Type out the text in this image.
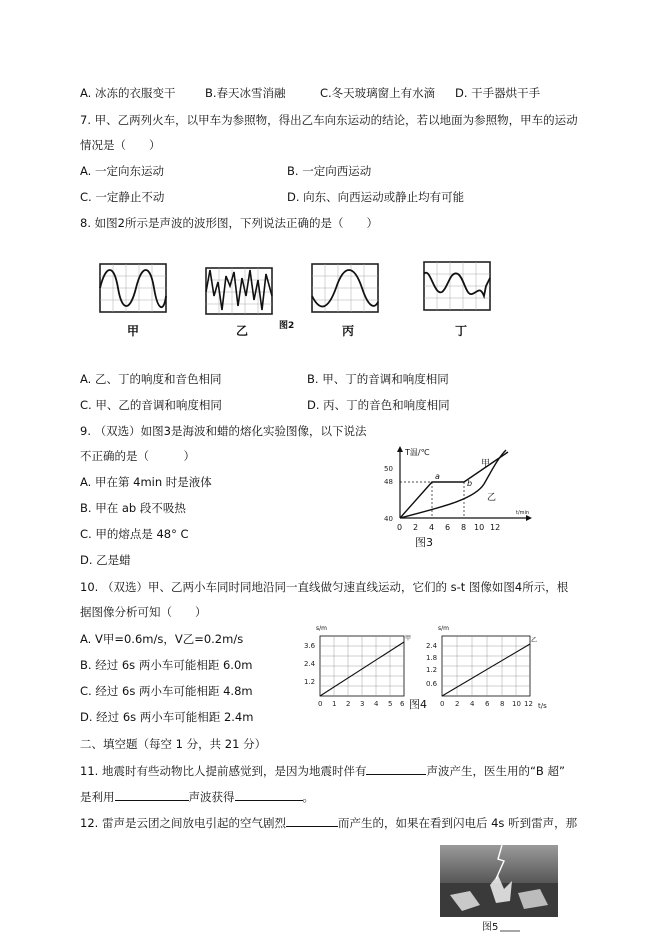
A. 冰冻的衣服变干	B.春天冰雪消融	C.冬天玻璃窗上有水滴 D. 干手器烘干手
7. 甲、乙两列火车，以甲车为参照物，得出乙车向东运动的结论，若以地面为参照物，甲车的运动
情况是（　　）
A. 一定向东运动	B. 一定向西运动
C. 一定静止不动	D. 向东、向西运动或静止均有可能
8. 如图2所示是声波的波形图，下列说法正确的是（　　）
图2
甲	乙	丙	丁
A. 乙、丁的响度和音色相同	B. 甲、丁的音调和响度相同
C. 甲、乙的音调和响度相同	D. 丙、丁的音色和响度相同
9. （双选）如图3是海波和蜡的熔化实验图像，以下说法
不正确的是（　　　）
A. 甲在第 4min 时是液体
B. 甲在 ab 段不吸热
C. 甲的熔点是 48° C
D. 乙是蜡
T温/℃
t/min
50
48
40
0 2 4 6 8 10 12
a
b
甲
乙
图3
10. （双选）甲、乙两小车同时同地沿同一直线做匀速直线运动，它们的 s-t 图像如图4所示，根
据图像分析可知（　　）
A. V甲=0.6m/s，V乙=0.2m/s
B. 经过 6s 两小车可能相距 6.0m
C. 经过 6s 两小车可能相距 4.8m
D. 经过 6s 两小车可能相距 2.4m
s/m
甲
3.6
2.4
1.2
0 1 2 3 4 5 6 图4
s/m
乙
2.4
1.8
1.2
0.6
0 2 4 6 8 10 12 t/s
二、填空题（每空 1 分，共 21 分）
11. 地震时有些动物比人提前感觉到，是因为地震时伴有	声波产生，医生用的“B 超”
是利用	声波获得	。
12. 雷声是云团之间放电引起的空气剧烈	而产生的，如果在看到闪电后 4s 听到雷声，那
图5
